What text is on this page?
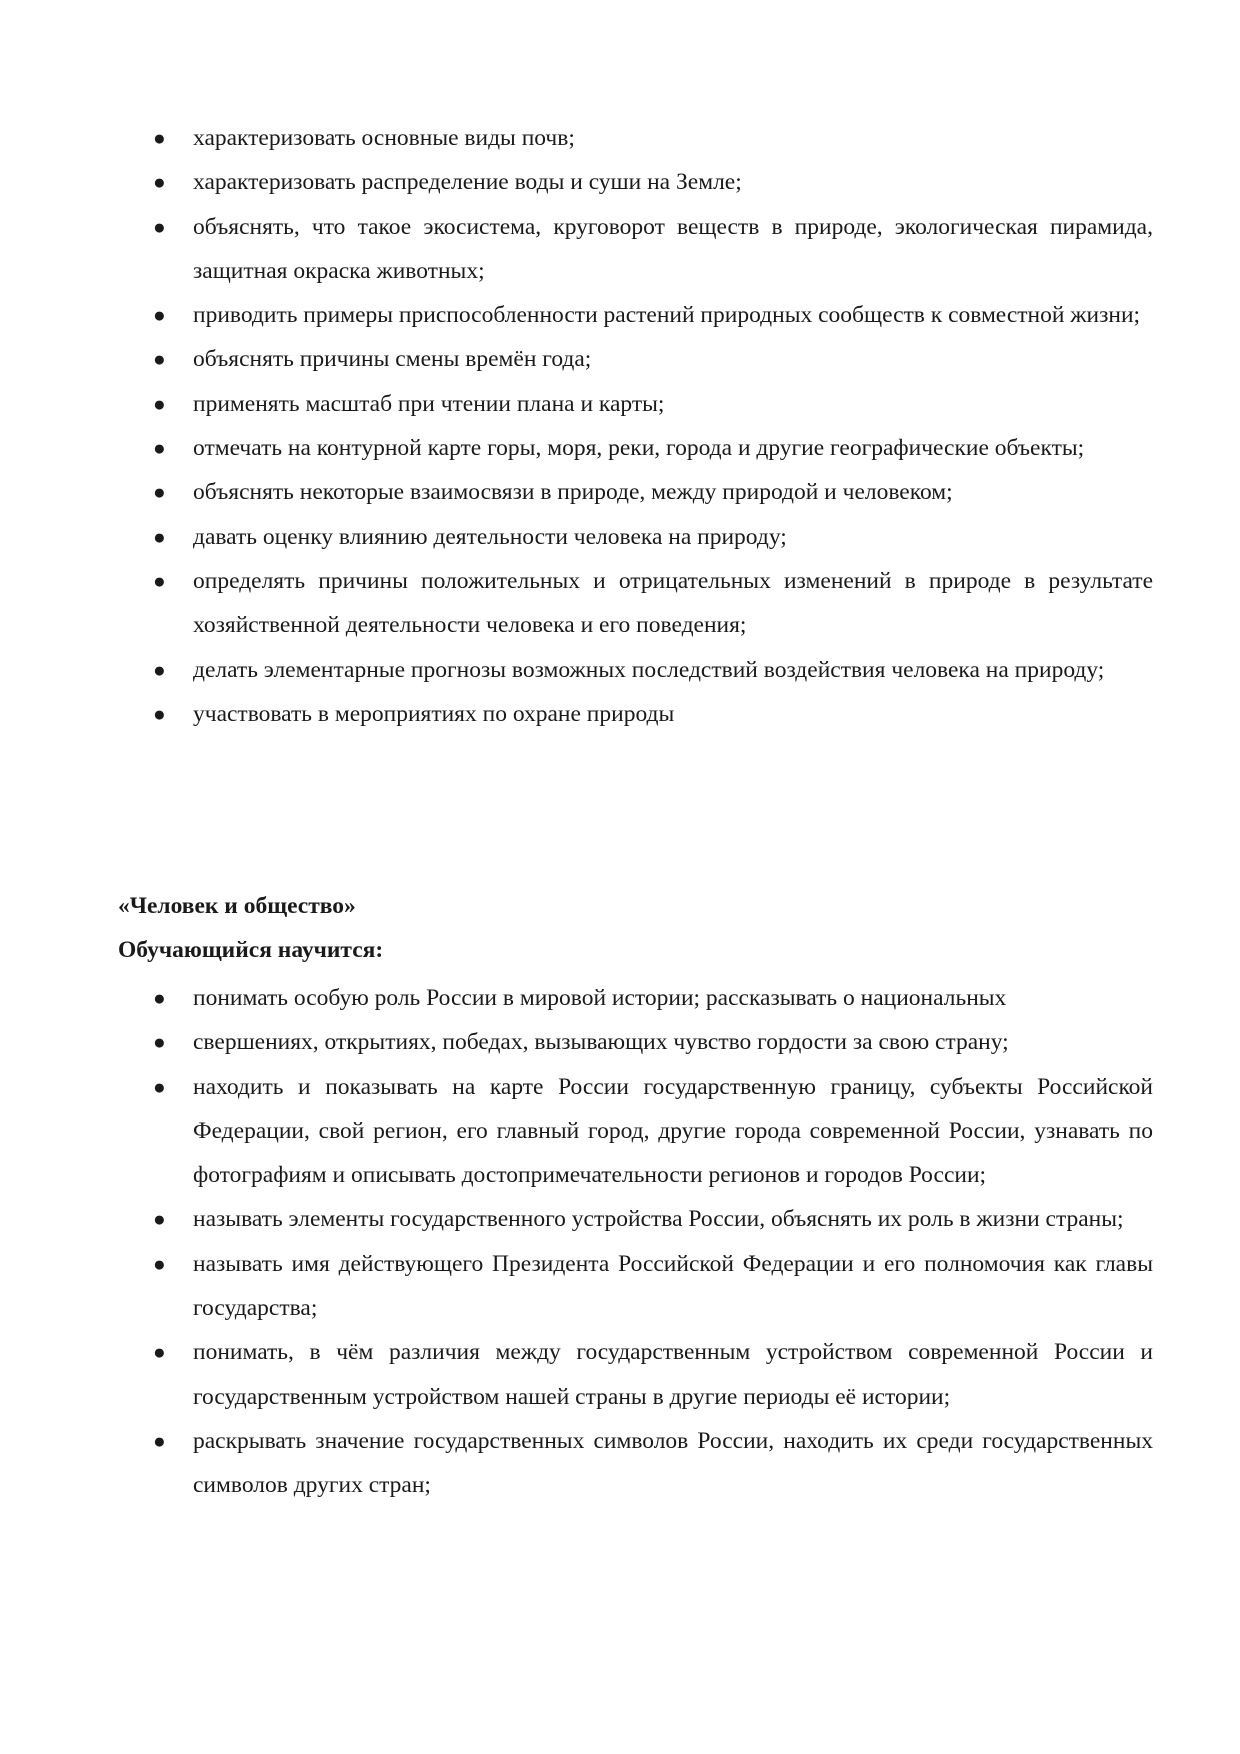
● характеризовать основные виды почв;
● характеризовать распределение воды и суши на Земле;
● объяснять, что такое экосистема, круговорот веществ в природе, экологическая пирамида, защитная окраска животных;
● приводить примеры приспособленности растений природных сообществ к совместной жизни;
● объяснять причины смены времён года;
● применять масштаб при чтении плана и карты;
● отмечать на контурной карте горы, моря, реки, города и другие географические объекты;
● объяснять некоторые взаимосвязи в природе, между природой и человеком;
● давать оценку влиянию деятельности человека на природу;
● определять причины положительных и отрицательных изменений в природе в результате хозяйственной деятельности человека и его поведения;
● делать элементарные прогнозы возможных последствий воздействия человека на природу;
● участвовать в мероприятиях по охране природы

«Человек и общество»

Обучающийся научится:

● понимать особую роль России в мировой истории; рассказывать о национальных
● свершениях, открытиях, победах, вызывающих чувство гордости за свою страну;
● находить и показывать на карте России государственную границу, субъекты Российской Федерации, свой регион, его главный город, другие города современной России, узнавать по фотографиям и описывать достопримечательности регионов и городов России;
● называть элементы государственного устройства России, объяснять их роль в жизни страны;
● называть имя действующего Президента Российской Федерации и его полномочия как главы государства;
● понимать, в чём различия между государственным устройством современной России и государственным устройством нашей страны в другие периоды её истории;
● раскрывать значение государственных символов России, находить их среди государственных символов других стран;
